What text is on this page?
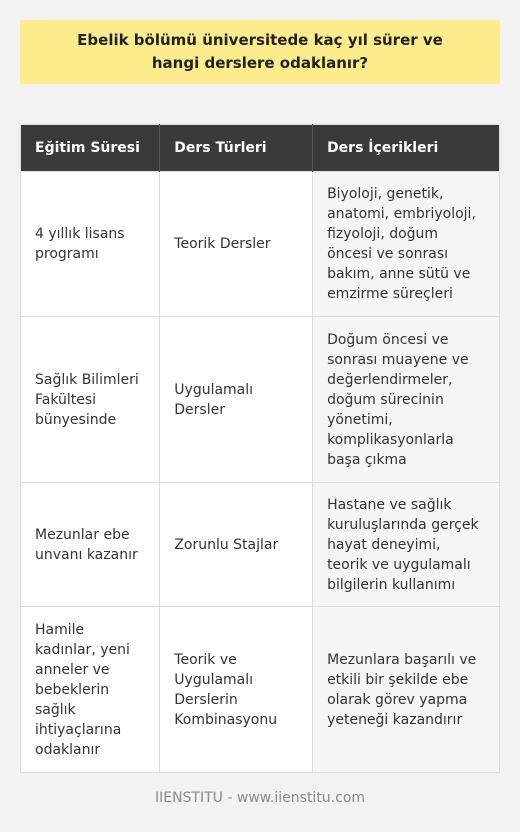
Ebelik bölümü üniversitede kaç yıl sürer ve hangi derslere odaklanır?
Eğitim Süresi	Ders Türleri	Ders İçerikleri
4 yıllık lisans programı	Teorik Dersler	Biyoloji, genetik, anatomi, embriyoloji, fizyoloji, doğum öncesi ve sonrası bakım, anne sütü ve emzirme süreçleri
Sağlık Bilimleri Fakültesi bünyesinde	Uygulamalı Dersler	Doğum öncesi ve sonrası muayene ve değerlendirmeler, doğum sürecinin yönetimi, komplikasyonlarla başa çıkma
Mezunlar ebe unvanı kazanır	Zorunlu Stajlar	Hastane ve sağlık kuruluşlarında gerçek hayat deneyimi, teorik ve uygulamalı bilgilerin kullanımı
Hamile kadınlar, yeni anneler ve bebeklerin sağlık ihtiyaçlarına odaklanır	Teorik ve Uygulamalı Derslerin Kombinasyonu	Mezunlara başarılı ve etkili bir şekilde ebe olarak görev yapma yeteneği kazandırır
IIENSTITU - www.iienstitu.com
